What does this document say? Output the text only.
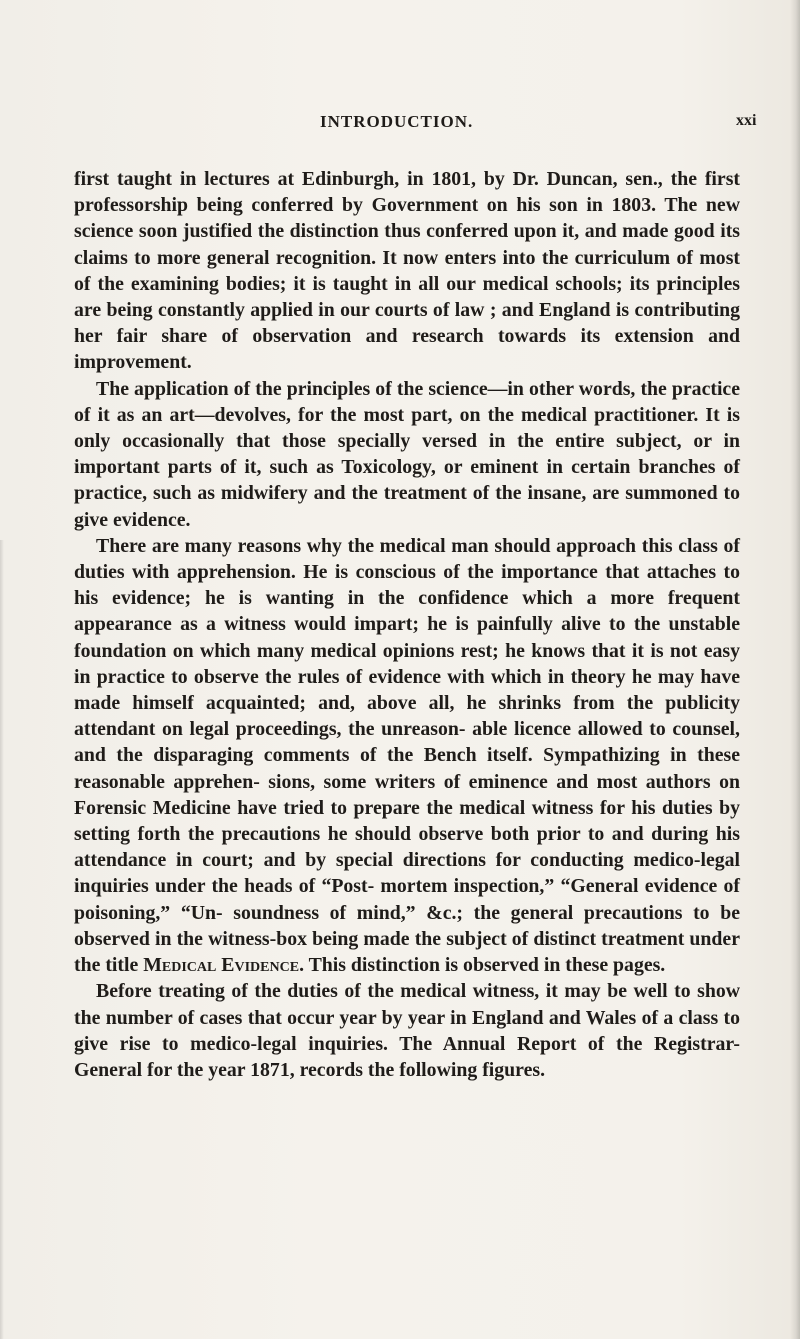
INTRODUCTION.	xxi

first taught in lectures at Edinburgh, in 1801, by Dr. Duncan, sen., the first professorship being conferred by Government on his son in 1803. The new science soon justified the distinction thus conferred upon it, and made good its claims to more general recognition. It now enters into the curriculum of most of the examining bodies; it is taught in all our medical schools; its principles are being constantly applied in our courts of law ; and England is contributing her fair share of observation and research towards its extension and improvement.

The application of the principles of the science—in other words, the practice of it as an art—devolves, for the most part, on the medical practitioner. It is only occasionally that those specially versed in the entire subject, or in important parts of it, such as Toxicology, or eminent in certain branches of practice, such as midwifery and the treatment of the insane, are summoned to give evidence.

There are many reasons why the medical man should approach this class of duties with apprehension. He is conscious of the importance that attaches to his evidence; he is wanting in the confidence which a more frequent appearance as a witness would impart; he is painfully alive to the unstable foundation on which many medical opinions rest; he knows that it is not easy in practice to observe the rules of evidence with which in theory he may have made himself acquainted; and, above all, he shrinks from the publicity attendant on legal proceedings, the unreason- able licence allowed to counsel, and the disparaging comments of the Bench itself. Sympathizing in these reasonable apprehen- sions, some writers of eminence and most authors on Forensic Medicine have tried to prepare the medical witness for his duties by setting forth the precautions he should observe both prior to and during his attendance in court; and by special directions for conducting medico-legal inquiries under the heads of “Post- mortem inspection,” “General evidence of poisoning,” “Un- soundness of mind,” &c.; the general precautions to be observed in the witness-box being made the subject of distinct treatment under the title Medical Evidence. This distinction is observed in these pages.

Before treating of the duties of the medical witness, it may be well to show the number of cases that occur year by year in England and Wales of a class to give rise to medico-legal inquiries. The Annual Report of the Registrar-General for the year 1871, records the following figures.
